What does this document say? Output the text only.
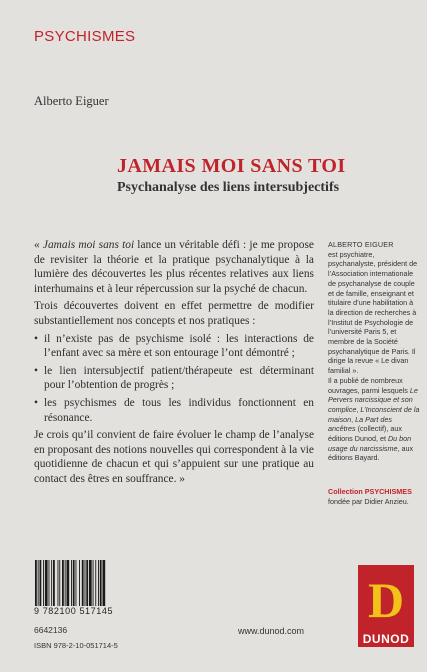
PSYCHISMES
Alberto Eiguer
JAMAIS MOI SANS TOI
Psychanalyse des liens intersubjectifs

« Jamais moi sans toi lance un véritable défi : je me propose de revisiter la théorie et la pratique psychanalytique à la lumière des découvertes les plus récentes relatives aux liens interhumains et à leur répercussion sur la psyché de chacun.

Trois découvertes doivent en effet permettre de modifier substantiellement nos concepts et nos pratiques :

• il n’existe pas de psychisme isolé : les interactions de l’enfant avec sa mère et son entourage l’ont démontré ;
• le lien intersubjectif patient/thérapeute est déterminant pour l’obtention de progrès ;
• les psychismes de tous les individus fonctionnent en résonance.

Je crois qu’il convient de faire évoluer le champ de l’analyse en proposant des notions nouvelles qui correspondent à la vie quotidienne de chacun et qui s’appuient sur une pratique au contact des êtres en souffrance. »

ALBERTO EIGUER
est psychiatre, psychanalyste, président de l’Association internationale de psychanalyse de couple et de famille, enseignant et titulaire d’une habilitation à la direction de recherches à l’Institut de Psychologie de l’université Paris 5, et membre de la Société psychanalytique de Paris. Il dirige la revue « Le divan familial ».
Il a publié de nombreux ouvrages, parmi lesquels Le Pervers narcissique et son complice, L’Inconscient de la maison, La Part des ancêtres (collectif), aux éditions Dunod, et Du bon usage du narcissisme, aux éditions Bayard.
Collection PSYCHISMES
fondée par Didier Anzieu.
9 782100 517145
6642136
ISBN 978-2-10-051714-5
www.dunod.com
D
DUNOD
